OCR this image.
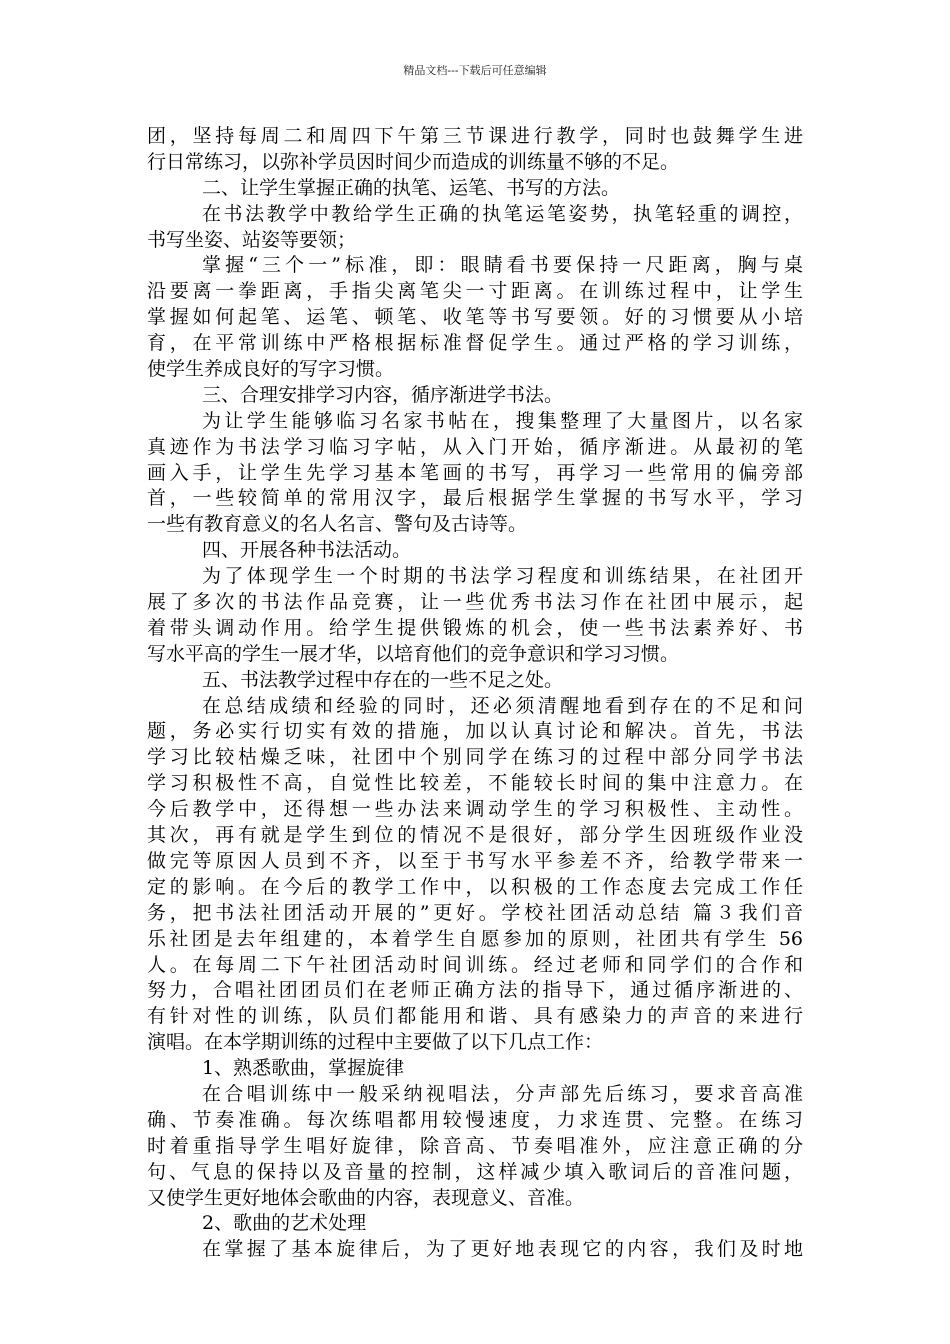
精品文档---下载后可任意编辑
团，坚持每周二和周四下午第三节课进行教学，同时也鼓舞学生进
行日常练习，以弥补学员因时间少而造成的训练量不够的不足。
二、让学生掌握正确的执笔、运笔、书写的方法。
在书法教学中教给学生正确的执笔运笔姿势，执笔轻重的调控，
书写坐姿、站姿等要领；
掌握“三个一”标准，即：眼睛看书要保持一尺距离，胸与桌
沿要离一拳距离，手指尖离笔尖一寸距离。在训练过程中，让学生
掌握如何起笔、运笔、顿笔、收笔等书写要领。好的习惯要从小培
育，在平常训练中严格根据标准督促学生。通过严格的学习训练，
使学生养成良好的写字习惯。
三、合理安排学习内容，循序渐进学书法。
为让学生能够临习名家书帖在，搜集整理了大量图片，以名家
真迹作为书法学习临习字帖，从入门开始，循序渐进。从最初的笔
画入手，让学生先学习基本笔画的书写，再学习一些常用的偏旁部
首，一些较简单的常用汉字，最后根据学生掌握的书写水平，学习
一些有教育意义的名人名言、警句及古诗等。
四、开展各种书法活动。
为了体现学生一个时期的书法学习程度和训练结果，在社团开
展了多次的书法作品竞赛，让一些优秀书法习作在社团中展示，起
着带头调动作用。给学生提供锻炼的机会，使一些书法素养好、书
写水平高的学生一展才华，以培育他们的竞争意识和学习习惯。
五、书法教学过程中存在的一些不足之处。
在总结成绩和经验的同时，还必须清醒地看到存在的不足和问
题，务必实行切实有效的措施，加以认真讨论和解决。首先，书法
学习比较枯燥乏味，社团中个别同学在练习的过程中部分同学书法
学习积极性不高，自觉性比较差，不能较长时间的集中注意力。在
今后教学中，还得想一些办法来调动学生的学习积极性、主动性。
其次，再有就是学生到位的情况不是很好，部分学生因班级作业没
做完等原因人员到不齐，以至于书写水平参差不齐，给教学带来一
定的影响。在今后的教学工作中，以积极的工作态度去完成工作任
务，把书法社团活动开展的”更好。学校社团活动总结 篇３我们音
乐社团是去年组建的，本着学生自愿参加的原则，社团共有学生 56
人。在每周二下午社团活动时间训练。经过老师和同学们的合作和
努力，合唱社团团员们在老师正确方法的指导下，通过循序渐进的、
有针对性的训练，队员们都能用和谐、具有感染力的声音的来进行
演唱。在本学期训练的过程中主要做了以下几点工作：
1、熟悉歌曲，掌握旋律
在合唱训练中一般采纳视唱法，分声部先后练习，要求音高准
确、节奏准确。每次练唱都用较慢速度，力求连贯、完整。在练习
时着重指导学生唱好旋律，除音高、节奏唱准外，应注意正确的分
句、气息的保持以及音量的控制，这样减少填入歌词后的音准问题，
又使学生更好地体会歌曲的内容，表现意义、音准。
2、歌曲的艺术处理
在掌握了基本旋律后，为了更好地表现它的内容，我们及时地
